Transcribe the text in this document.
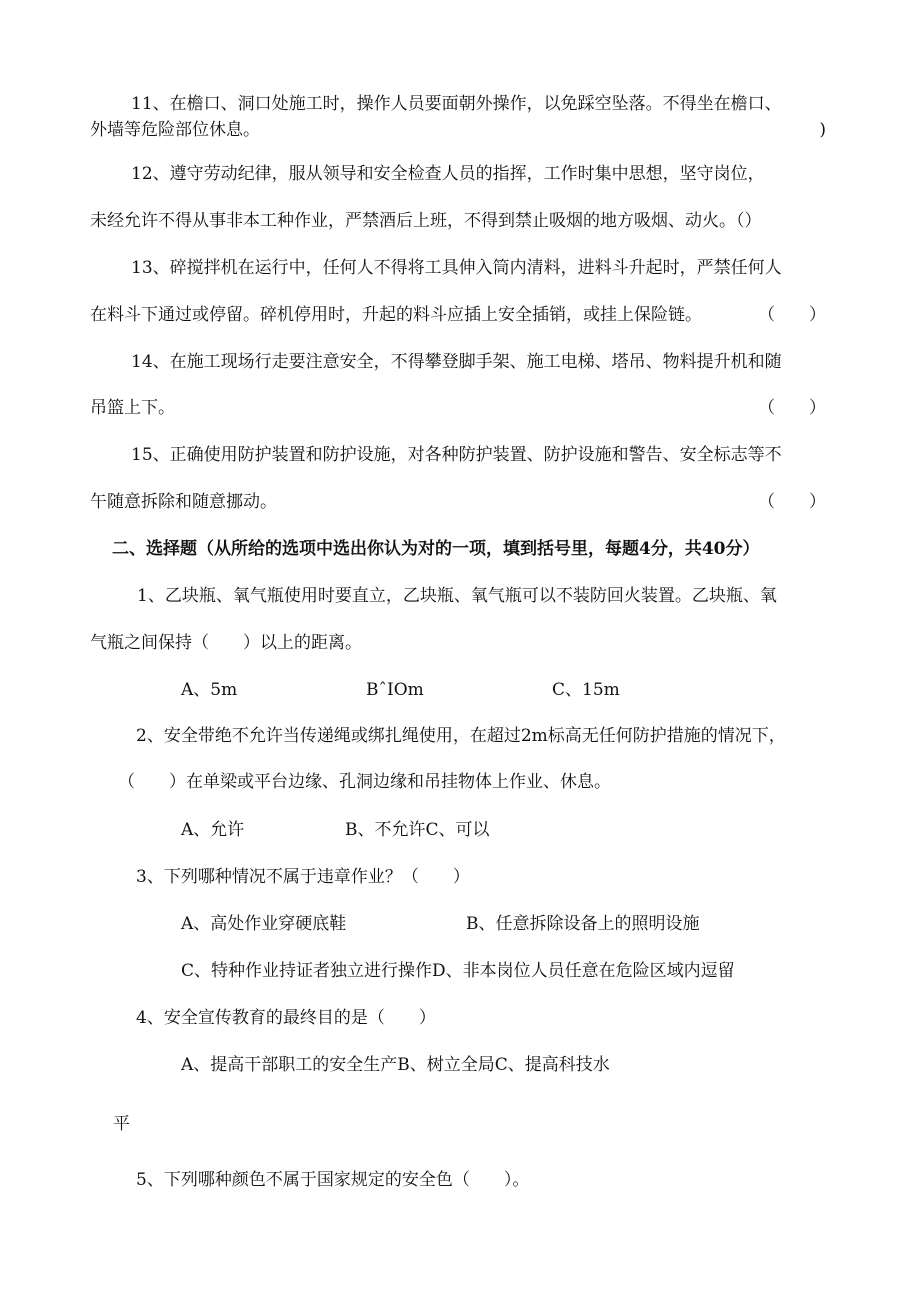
11、在檐口、洞口处施工时，操作人员要面朝外操作，以免踩空坠落。不得坐在檐口、
外墙等危险部位休息。	)
12、遵守劳动纪律，服从领导和安全检查人员的指挥，工作时集中思想，坚守岗位，
未经允许不得从事非本工种作业，严禁酒后上班，不得到禁止吸烟的地方吸烟、动火。（）
13、碎搅拌机在运行中，任何人不得将工具伸入筒内清料，进料斗升起时，严禁任何人
在料斗下通过或停留。碎机停用时，升起的料斗应插上安全插销，或挂上保险链。	（　　）
14、在施工现场行走要注意安全，不得攀登脚手架、施工电梯、塔吊、物料提升机和随
吊篮上下。	（　　）
15、正确使用防护装置和防护设施，对各种防护装置、防护设施和警告、安全标志等不
午随意拆除和随意挪动。	（　　）
二、选择题（从所给的选项中选出你认为对的一项，填到括号里，每题4分，共40分）
1、乙块瓶、氧气瓶使用时要直立，乙块瓶、氧气瓶可以不装防回火装置。乙块瓶、氧
气瓶之间保持（　　）以上的距离。
A、5m	BˆIOm	C、15m
2、安全带绝不允许当传递绳或绑扎绳使用，在超过2m标高无任何防护措施的情况下，
（　　）在单梁或平台边缘、孔洞边缘和吊挂物体上作业、休息。
A、允许	B、不允许C、可以
3、下列哪种情况不属于违章作业？（　　）
A、高处作业穿硬底鞋	B、任意拆除设备上的照明设施
C、特种作业持证者独立进行操作D、非本岗位人员任意在危险区域内逗留
4、安全宣传教育的最终目的是（　　）
A、提高干部职工的安全生产B、树立全局C、提高科技水
平
5、下列哪种颜色不属于国家规定的安全色（　　）。
